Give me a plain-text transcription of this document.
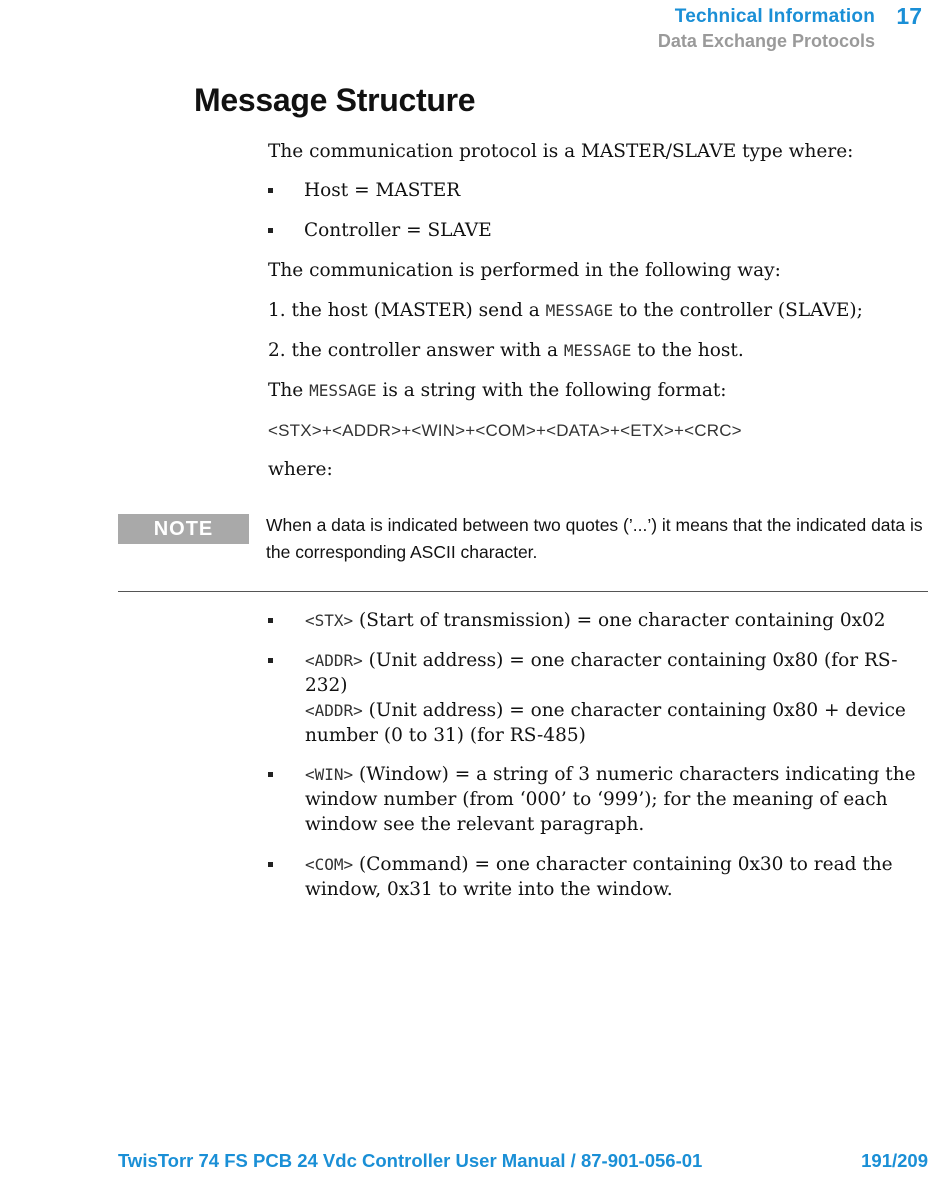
Technical Information 17
Data Exchange Protocols
Message Structure
The communication protocol is a MASTER/SLAVE type where:
Host = MASTER
Controller = SLAVE
The communication is performed in the following way:
1. the host (MASTER) send a MESSAGE to the controller (SLAVE);
2. the controller answer with a MESSAGE to the host.
The MESSAGE is a string with the following format:
<STX>+<ADDR>+<WIN>+<COM>+<DATA>+<ETX>+<CRC>
where:
NOTE	When a data is indicated between two quotes (’...’) it means that the indicated data is the corresponding ASCII character.
<STX> (Start of transmission) = one character containing 0x02
<ADDR> (Unit address) = one character containing 0x80 (for RS-232)
<ADDR> (Unit address) = one character containing 0x80 + device number (0 to 31) (for RS-485)
<WIN> (Window) = a string of 3 numeric characters indicating the window number (from ‘000’ to ‘999’); for the meaning of each window see the relevant paragraph.
<COM> (Command) = one character containing 0x30 to read the window, 0x31 to write into the window.
TwisTorr 74 FS PCB 24 Vdc Controller User Manual / 87-901-056-01	191/209
